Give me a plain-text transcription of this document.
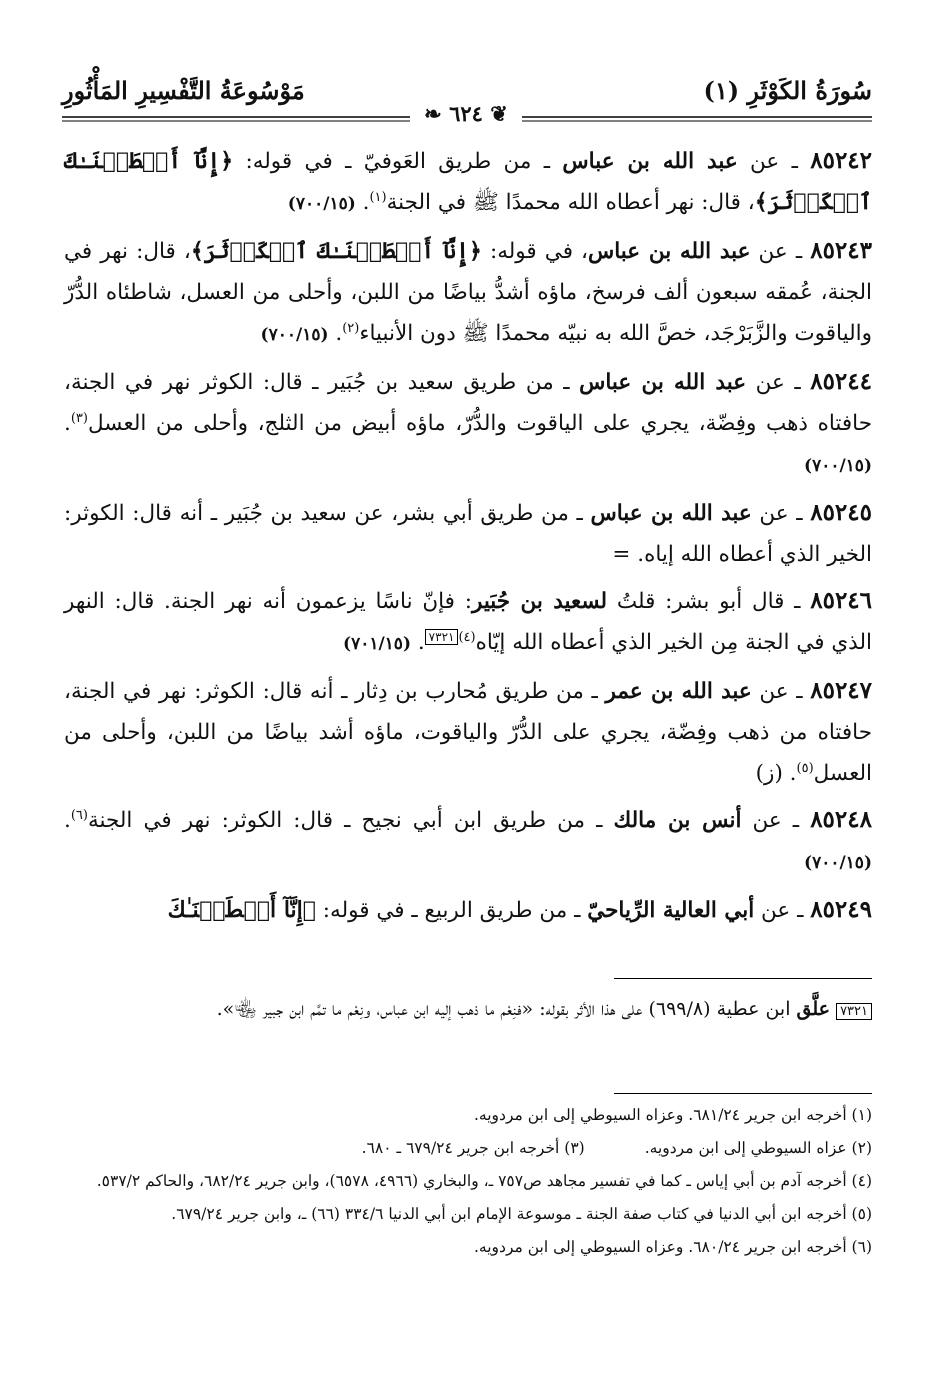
سُورَةُ الكَوْثَرِ (١)
مَوْسُوعَةُ التَّفْسِيرِ المَأْثُورِ
❦ ٦٢٤ ❧
٨٥٢٤٢ ـ عن عبد الله بن عباس ـ من طريق العَوفيّ ـ في قوله: ﴿إِنَّآ أَعۡطَيۡنَـٰكَ ٱلۡكَوۡثَرَ﴾، قال: نهر أعطاه الله محمدًا ﷺ في الجنة$^{(١)}$. (٧٠٠/١٥)
٨٥٢٤٣ ـ عن عبد الله بن عباس، في قوله: ﴿إِنَّآ أَعۡطَيۡنَـٰكَ ٱلۡكَوۡثَرَ﴾، قال: نهر في الجنة، عُمقه سبعون ألف فرسخ، ماؤه أشدُّ بياضًا من اللبن، وأحلى من العسل، شاطئاه الدُّرّ والياقوت والزَّبَرْجَد، خصَّ الله به نبيّه محمدًا ﷺ دون الأنبياء$^{(٢)}$. (٧٠٠/١٥)
٨٥٢٤٤ ـ عن عبد الله بن عباس ـ من طريق سعيد بن جُبَير ـ قال: الكوثر نهر في الجنة، حافتاه ذهب وفِضّة، يجري على الياقوت والدُّرّ، ماؤه أبيض من الثلج، وأحلى من العسل$^{(٣)}$. (٧٠٠/١٥)
٨٥٢٤٥ ـ عن عبد الله بن عباس ـ من طريق أبي بشر، عن سعيد بن جُبَير ـ أنه قال: الكوثر: الخير الذي أعطاه الله إياه. =
٨٥٢٤٦ ـ قال أبو بشر: قلتُ لسعيد بن جُبَير: فإنّ ناسًا يزعمون أنه نهر الجنة. قال: النهر الذي في الجنة مِن الخير الذي أعطاه الله إيّاه$^{(٤)٧٣٢١}$. (٧٠١/١٥)
٨٥٢٤٧ ـ عن عبد الله بن عمر ـ من طريق مُحارب بن دِثار ـ أنه قال: الكوثر: نهر في الجنة، حافتاه من ذهب وفِضّة، يجري على الدُّرّ والياقوت، ماؤه أشد بياضًا من اللبن، وأحلى من العسل$^{(٥)}$. (ز)
٨٥٢٤٨ ـ عن أنس بن مالك ـ من طريق ابن أبي نجيح ـ قال: الكوثر: نهر في الجنة$^{(٦)}$. (٧٠٠/١٥)
٨٥٢٤٩ ـ عن أبي العالية الرِّياحيّ ـ من طريق الربيع ـ في قوله: ﴿إِنَّآ أَعۡطَيۡنَـٰكَ
٧٣٢١ علَّق ابن عطية (٦٩٩/٨) على هذا الأثر بقوله: «فنِعْم ما ذهب إليه ابن عباس، ونِعْم ما تمَّم ابن جبير ﵄».
(١) أخرجه ابن جرير ٦٨١/٢٤. وعزاه السيوطي إلى ابن مردويه.
(٢) عزاه السيوطي إلى ابن مردويه.
(٣) أخرجه ابن جرير ٦٧٩/٢٤ ـ ٦٨٠.
(٤) أخرجه آدم بن أبي إياس ـ كما في تفسير مجاهد ص٧٥٧ ـ، والبخاري (٤٩٦٦، ٦٥٧٨)، وابن جرير ٦٨٢/٢٤، والحاكم ٥٣٧/٢.
(٥) أخرجه ابن أبي الدنيا في كتاب صفة الجنة ـ موسوعة الإمام ابن أبي الدنيا ٣٣٤/٦ (٦٦) ـ، وابن جرير ٦٧٩/٢٤.
(٦) أخرجه ابن جرير ٦٨٠/٢٤. وعزاه السيوطي إلى ابن مردويه.
